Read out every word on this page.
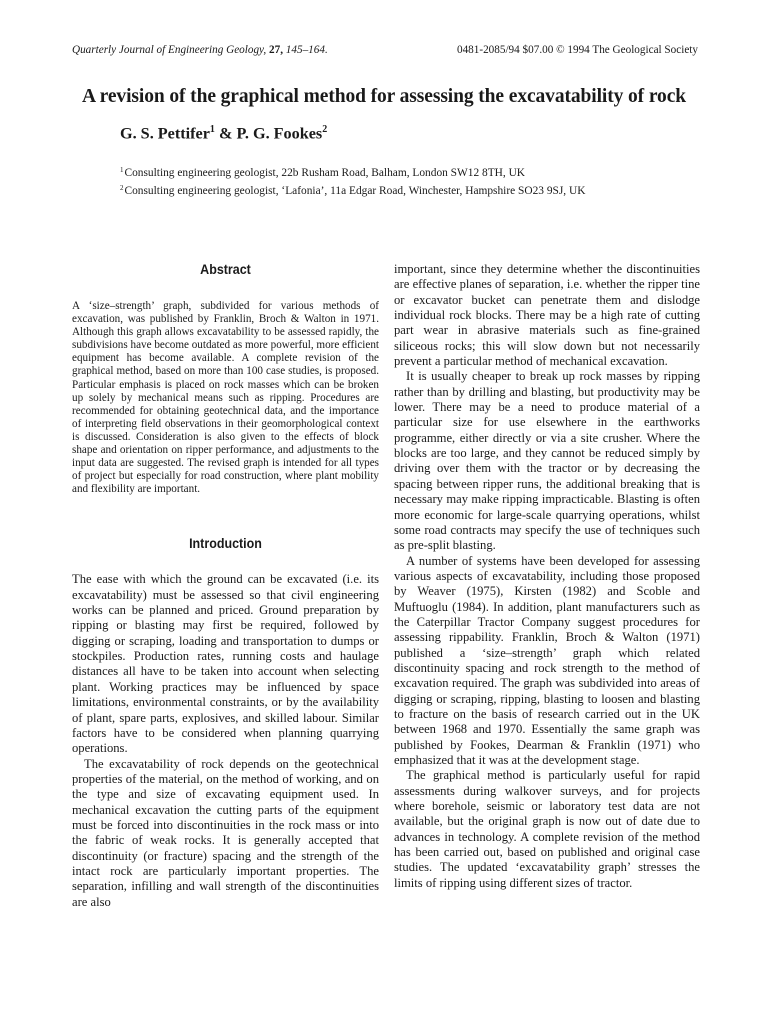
Quarterly Journal of Engineering Geology, 27, 145–164.	0481-2085/94 $07.00 © 1994 The Geological Society
A revision of the graphical method for assessing the excavatability of rock
G. S. Pettifer$^1$ & P. G. Fookes$^2$
$^1$Consulting engineering geologist, 22b Rusham Road, Balham, London SW12 8TH, UK
$^2$Consulting engineering geologist, ‘Lafonia’, 11a Edgar Road, Winchester, Hampshire SO23 9SJ, UK
Abstract

A ‘size–strength’ graph, subdivided for various methods of excavation, was published by Franklin, Broch & Walton in 1971. Although this graph allows excavatability to be assessed rapidly, the subdivisions have become outdated as more powerful, more efficient equipment has become available. A complete revision of the graphical method, based on more than 100 case studies, is proposed. Particular emphasis is placed on rock masses which can be broken up solely by mechanical means such as ripping. Procedures are recommended for obtaining geotechnical data, and the importance of interpreting field observations in their geomorphological context is discussed. Consideration is also given to the effects of block shape and orientation on ripper performance, and adjustments to the input data are suggested. The revised graph is intended for all types of project but especially for road construction, where plant mobility and flexibility are important.

Introduction

The ease with which the ground can be excavated (i.e. its excavatability) must be assessed so that civil engineering works can be planned and priced. Ground preparation by ripping or blasting may first be required, followed by digging or scraping, loading and transportation to dumps or stockpiles. Production rates, running costs and haulage distances all have to be taken into account when selecting plant. Working practices may be influenced by space limitations, environmental constraints, or by the availability of plant, spare parts, explosives, and skilled labour. Similar factors have to be considered when planning quarrying operations.

The excavatability of rock depends on the geotechnical properties of the material, on the method of working, and on the type and size of excavating equipment used. In mechanical excavation the cutting parts of the equipment must be forced into discontinuities in the rock mass or into the fabric of weak rocks. It is generally accepted that discontinuity (or fracture) spacing and the strength of the intact rock are particularly important properties. The separation, infilling and wall strength of the discontinuities are also

important, since they determine whether the discontinuities are effective planes of separation, i.e. whether the ripper tine or excavator bucket can penetrate them and dislodge individual rock blocks. There may be a high rate of cutting part wear in abrasive materials such as fine-grained siliceous rocks; this will slow down but not necessarily prevent a particular method of mechanical excavation.

It is usually cheaper to break up rock masses by ripping rather than by drilling and blasting, but productivity may be lower. There may be a need to produce material of a particular size for use elsewhere in the earthworks programme, either directly or via a site crusher. Where the blocks are too large, and they cannot be reduced simply by driving over them with the tractor or by decreasing the spacing between ripper runs, the additional breaking that is necessary may make ripping impracticable. Blasting is often more economic for large-scale quarrying operations, whilst some road contracts may specify the use of techniques such as pre-split blasting.

A number of systems have been developed for assessing various aspects of excavatability, including those proposed by Weaver (1975), Kirsten (1982) and Scoble and Muftuoglu (1984). In addition, plant manufacturers such as the Caterpillar Tractor Company suggest procedures for assessing rippability. Franklin, Broch & Walton (1971) published a ‘size–strength’ graph which related discontinuity spacing and rock strength to the method of excavation required. The graph was subdivided into areas of digging or scraping, ripping, blasting to loosen and blasting to fracture on the basis of research carried out in the UK between 1968 and 1970. Essentially the same graph was published by Fookes, Dearman & Franklin (1971) who emphasized that it was at the development stage.

The graphical method is particularly useful for rapid assessments during walkover surveys, and for projects where borehole, seismic or laboratory test data are not available, but the original graph is now out of date due to advances in technology. A complete revision of the method has been carried out, based on published and original case studies. The updated ‘excavatability graph’ stresses the limits of ripping using different sizes of tractor.
